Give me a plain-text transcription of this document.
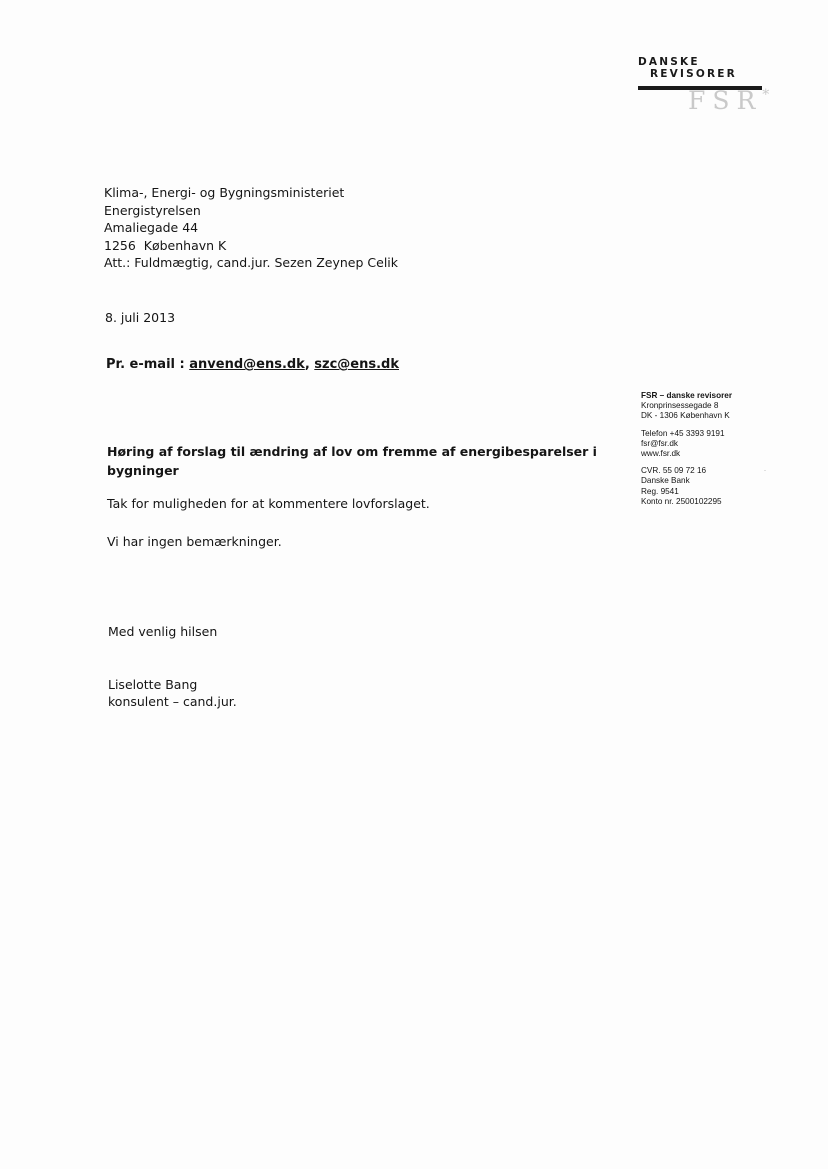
DANSKE
REVISORER
FSR*
Klima-, Energi- og Bygningsministeriet
Energistyrelsen
Amaliegade 44
1256  København K
Att.: Fuldmægtig, cand.jur. Sezen Zeynep Celik
8. juli 2013
Pr. e-mail : anvend@ens.dk, szc@ens.dk
Høring af forslag til ændring af lov om fremme af energibesparelser i
bygninger
Tak for muligheden for at kommentere lovforslaget.
Vi har ingen bemærkninger.
Med venlig hilsen
Liselotte Bang
konsulent – cand.jur.
FSR – danske revisorer
Kronprinsessegade 8
DK - 1306 København K
Telefon +45 3393 9191
fsr@fsr.dk
www.fsr.dk
CVR. 55 09 72 16
Danske Bank
Reg. 9541
Konto nr. 2500102295
